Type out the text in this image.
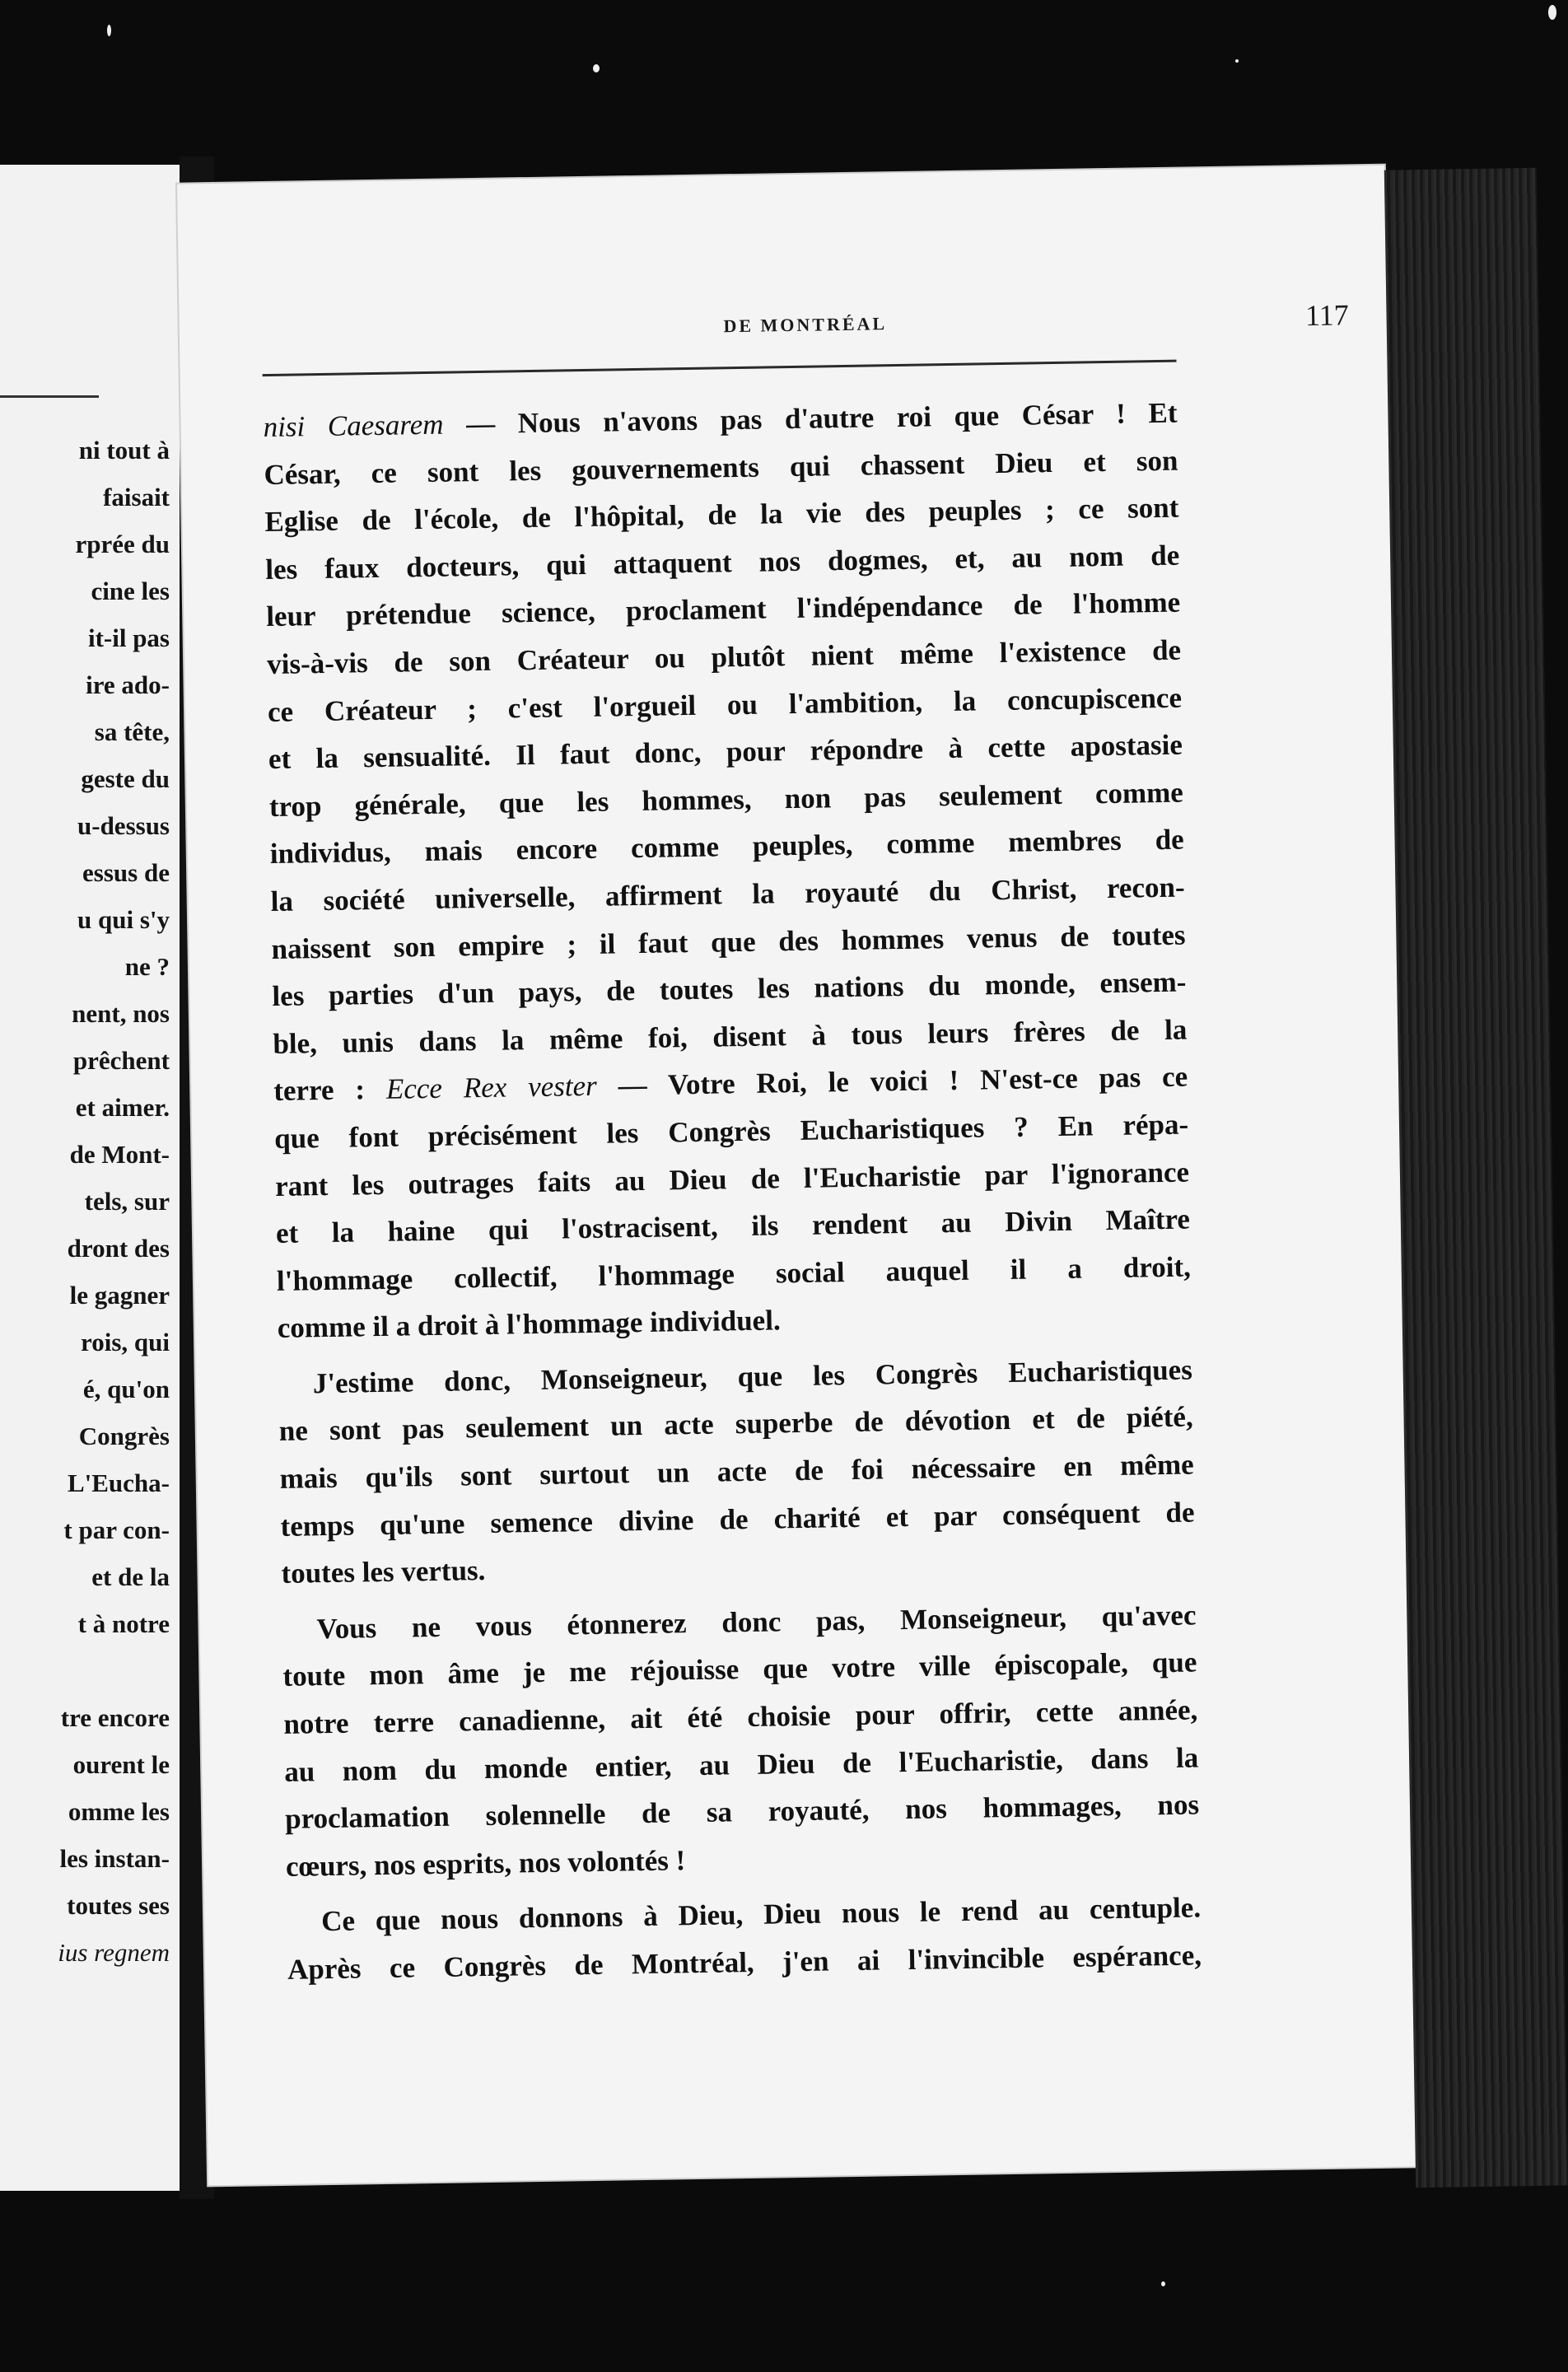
ni tout à
faisait
rprée du
cine les
it-il pas
ire ado-
sa tête,
geste du
u-dessus
essus de
u qui s'y
ne ?
nent, nos
prêchent
et aimer.
de Mont-
tels, sur
dront des
le gagner
rois, qui
é, qu'on
Congrès
L'Eucha-
t par con-
et de la
t à notre
tre encore
ourent le
omme les
les instan-
toutes ses
ius regnem
DE MONTRÉAL	117

nisi Caesarem — Nous n'avons pas d'autre roi que César ! Et

César, ce sont les gouvernements qui chassent Dieu et son

Eglise de l'école, de l'hôpital, de la vie des peuples ; ce sont

les faux docteurs, qui attaquent nos dogmes, et, au nom de

leur prétendue science, proclament l'indépendance de l'homme

vis-à-vis de son Créateur ou plutôt nient même l'existence de

ce Créateur ; c'est l'orgueil ou l'ambition, la concupiscence

et la sensualité. Il faut donc, pour répondre à cette apostasie

trop générale, que les hommes, non pas seulement comme

individus, mais encore comme peuples, comme membres de

la société universelle, affirment la royauté du Christ, recon-

naissent son empire ; il faut que des hommes venus de toutes

les parties d'un pays, de toutes les nations du monde, ensem-

ble, unis dans la même foi, disent à tous leurs frères de la

terre : Ecce Rex vester — Votre Roi, le voici ! N'est-ce pas ce

que font précisément les Congrès Eucharistiques ? En répa-

rant les outrages faits au Dieu de l'Eucharistie par l'ignorance

et la haine qui l'ostracisent, ils rendent au Divin Maître

l'hommage collectif, l'hommage social auquel il a droit,

comme il a droit à l'hommage individuel.

J'estime donc, Monseigneur, que les Congrès Eucharistiques

ne sont pas seulement un acte superbe de dévotion et de piété,

mais qu'ils sont surtout un acte de foi nécessaire en même

temps qu'une semence divine de charité et par conséquent de

toutes les vertus.

Vous ne vous étonnerez donc pas, Monseigneur, qu'avec

toute mon âme je me réjouisse que votre ville épiscopale, que

notre terre canadienne, ait été choisie pour offrir, cette année,

au nom du monde entier, au Dieu de l'Eucharistie, dans la

proclamation solennelle de sa royauté, nos hommages, nos

cœurs, nos esprits, nos volontés !

Ce que nous donnons à Dieu, Dieu nous le rend au centuple.

Après ce Congrès de Montréal, j'en ai l'invincible espérance,
